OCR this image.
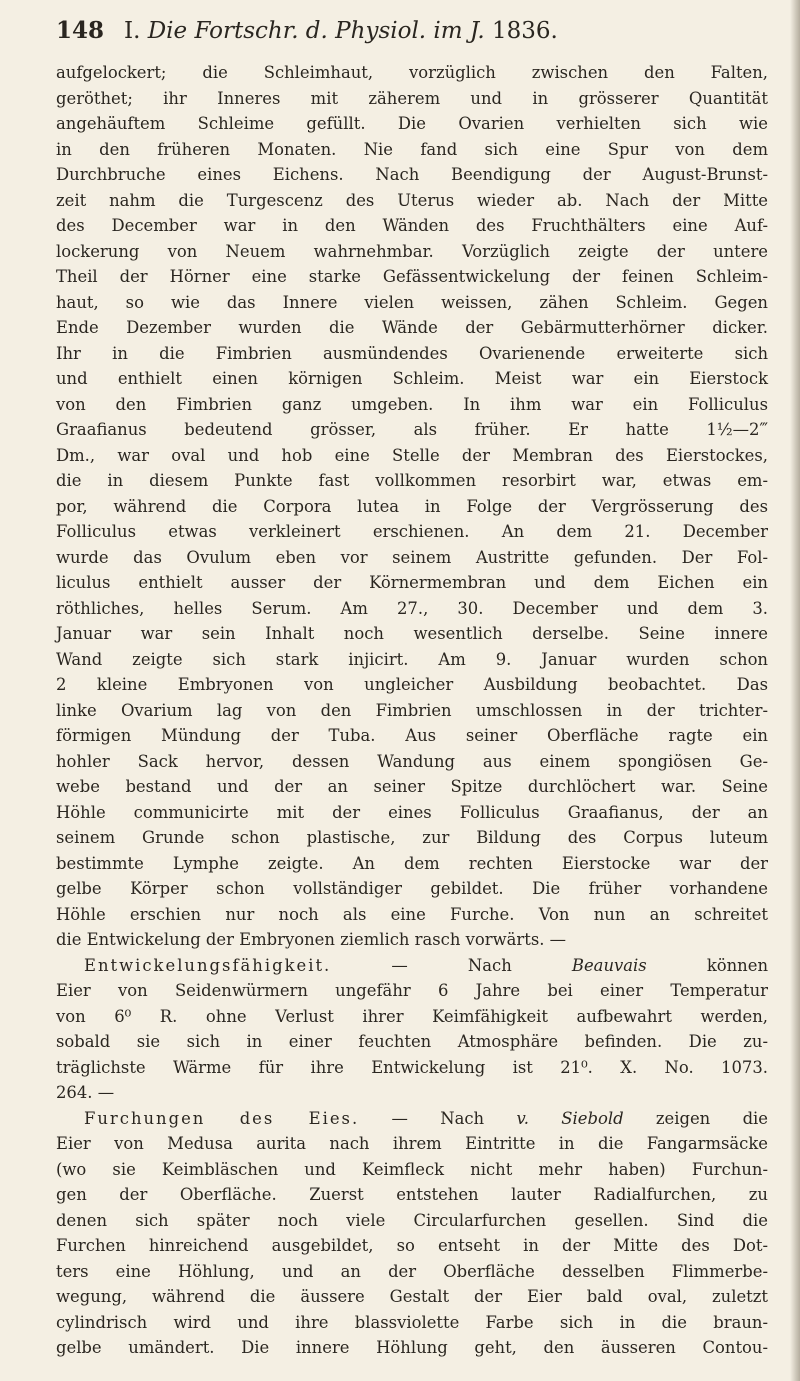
148 I. Die Fortschr. d. Physiol. im J. 1836.

aufgelockert; die Schleimhaut, vorzüglich zwischen den Falten,

geröthet; ihr Inneres mit zäherem und in grösserer Quantität

angehäuftem Schleime gefüllt. Die Ovarien verhielten sich wie

in den früheren Monaten. Nie fand sich eine Spur von dem

Durchbruche eines Eichens. Nach Beendigung der August-Brunst-

zeit nahm die Turgescenz des Uterus wieder ab. Nach der Mitte

des December war in den Wänden des Fruchthälters eine Auf-

lockerung von Neuem wahrnehmbar. Vorzüglich zeigte der untere

Theil der Hörner eine starke Gefässentwickelung der feinen Schleim-

haut, so wie das Innere vielen weissen, zähen Schleim. Gegen

Ende Dezember wurden die Wände der Gebärmutterhörner dicker.

Ihr in die Fimbrien ausmündendes Ovarienende erweiterte sich

und enthielt einen körnigen Schleim. Meist war ein Eierstock

von den Fimbrien ganz umgeben. In ihm war ein Folliculus

Graafianus bedeutend grösser, als früher. Er hatte 1½—2‴

Dm., war oval und hob eine Stelle der Membran des Eierstockes,

die in diesem Punkte fast vollkommen resorbirt war, etwas em-

por, während die Corpora lutea in Folge der Vergrösserung des

Folliculus etwas verkleinert erschienen. An dem 21. December

wurde das Ovulum eben vor seinem Austritte gefunden. Der Fol-

liculus enthielt ausser der Körnermembran und dem Eichen ein

röthliches, helles Serum. Am 27., 30. December und dem 3.

Januar war sein Inhalt noch wesentlich derselbe. Seine innere

Wand zeigte sich stark injicirt. Am 9. Januar wurden schon

2 kleine Embryonen von ungleicher Ausbildung beobachtet. Das

linke Ovarium lag von den Fimbrien umschlossen in der trichter-

förmigen Mündung der Tuba. Aus seiner Oberfläche ragte ein

hohler Sack hervor, dessen Wandung aus einem spongiösen Ge-

webe bestand und der an seiner Spitze durchlöchert war. Seine

Höhle communicirte mit der eines Folliculus Graafianus, der an

seinem Grunde schon plastische, zur Bildung des Corpus luteum

bestimmte Lymphe zeigte. An dem rechten Eierstocke war der

gelbe Körper schon vollständiger gebildet. Die früher vorhandene

Höhle erschien nur noch als eine Furche. Von nun an schreitet

die Entwickelung der Embryonen ziemlich rasch vorwärts. —

Entwickelungsfähigkeit.	— Nach	Beauvais	können

Eier von Seidenwürmern ungefähr 6 Jahre bei einer Temperatur

von 6⁰ R. ohne Verlust ihrer Keimfähigkeit aufbewahrt werden,

sobald sie sich in einer feuchten Atmosphäre befinden. Die zu-

träglichste Wärme für ihre Entwickelung ist 21⁰. X. No. 1073.

264. —

Furchungen des Eies. — Nach v. Siebold zeigen die

Eier von Medusa aurita nach ihrem Eintritte in die Fangarmsäcke

(wo sie Keimbläschen und Keimfleck nicht mehr haben) Furchun-

gen der Oberfläche. Zuerst entstehen lauter Radialfurchen, zu

denen sich später noch viele Circularfurchen gesellen. Sind die

Furchen hinreichend ausgebildet, so entseht in der Mitte des Dot-

ters eine Höhlung, und an der Oberfläche desselben Flimmerbe-

wegung, während die äussere Gestalt der Eier bald oval, zuletzt

cylindrisch wird und ihre blassviolette Farbe sich in die braun-

gelbe umändert. Die innere Höhlung geht, den äusseren Contou-
